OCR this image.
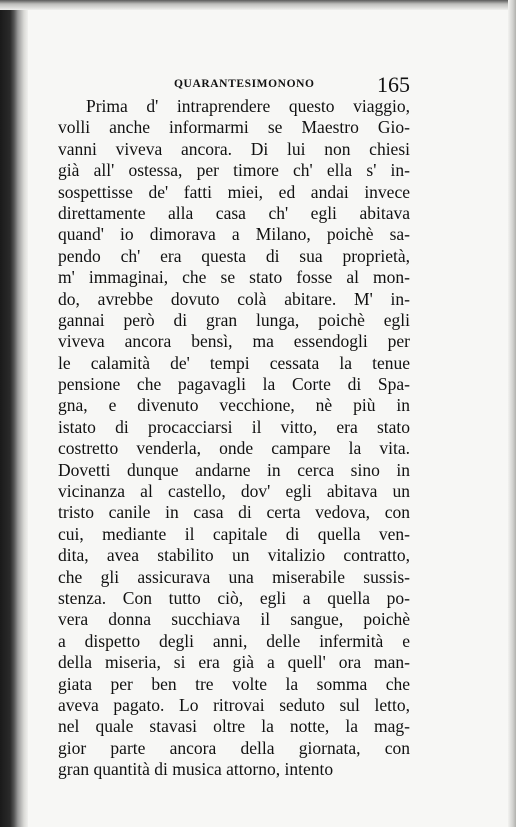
QUARANTESIMONONO	165
Prima d' intraprendere questo viaggio,
volli anche informarmi se Maestro Gio-
vanni viveva ancora. Di lui non chiesi
già all' ostessa, per timore ch' ella s' in-
sospettisse de' fatti miei, ed andai invece
direttamente alla casa ch' egli abitava
quand' io dimorava a Milano, poichè sa-
pendo ch' era questa di sua proprietà,
m' immaginai, che se stato fosse al mon-
do, avrebbe dovuto colà abitare. M' in-
gannai però di gran lunga, poichè egli
viveva ancora bensì, ma essendogli per
le calamità de' tempi cessata la tenue
pensione che pagavagli la Corte di Spa-
gna, e divenuto vecchione, nè più in
istato di procacciarsi il vitto, era stato
costretto venderla, onde campare la vita.
Dovetti dunque andarne in cerca sino in
vicinanza al castello, dov' egli abitava un
tristo canile in casa di certa vedova, con
cui, mediante il capitale di quella ven-
dita, avea stabilito un vitalizio contratto,
che gli assicurava una miserabile sussis-
stenza. Con tutto ciò, egli a quella po-
vera donna succhiava il sangue, poichè
a dispetto degli anni, delle infermità e
della miseria, si era già a quell' ora man-
giata per ben tre volte la somma che
aveva pagato. Lo ritrovai seduto sul letto,
nel quale stavasi oltre la notte, la mag-
gior parte ancora della giornata, con
gran quantità di musica attorno, intento
